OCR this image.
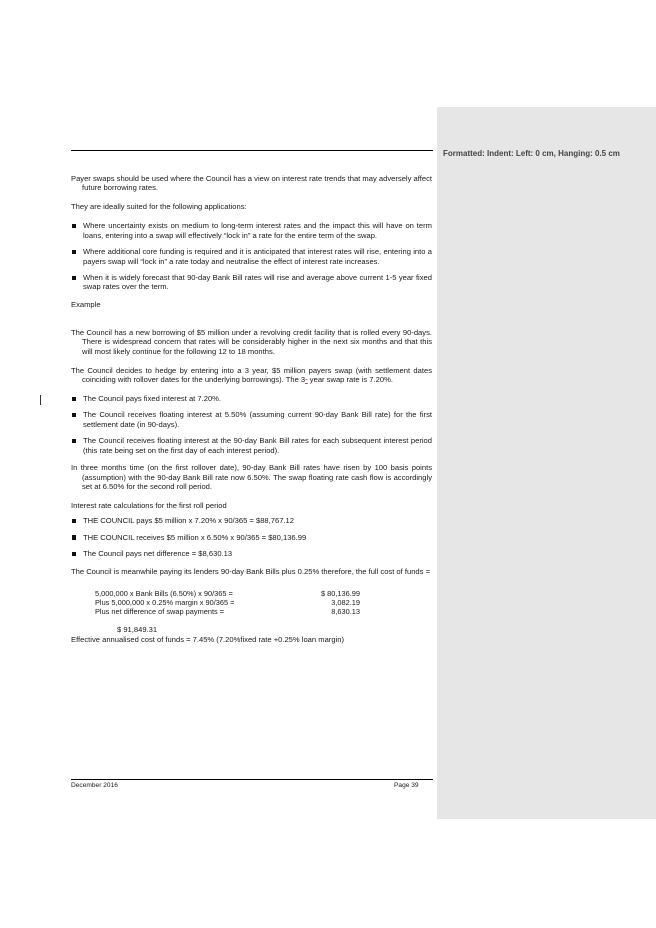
Formatted: Indent: Left: 0 cm, Hanging: 0.5 cm

Payer swaps should be used where the Council has a view on interest rate trends that may adversely affect future borrowing rates.

They are ideally suited for the following applications:

Where uncertainty exists on medium to long-term interest rates and the impact this will have on term loans, entering into a swap will effectively “lock in” a rate for the entire term of the swap.
Where additional core funding is required and it is anticipated that interest rates will rise, entering into a payers swap will “lock in” a rate today and neutralise the effect of interest rate increases.
When it is widely forecast that 90-day Bank Bill rates will rise and average above current 1-5 year fixed swap rates over the term.

Example

The Council has a new borrowing of $5 million under a revolving credit facility that is rolled every 90-days. There is widespread concern that rates will be considerably higher in the next six months and that this will most likely continue for the following 12 to 18 months.

The Council decides to hedge by entering into a 3 year, $5 million payers swap (with settlement dates coinciding with rollover dates for the underlying borrowings). The 3- year swap rate is 7.20%.

The Council pays fixed interest at 7.20%.
The Council receives floating interest at 5.50% (assuming current 90-day Bank Bill rate) for the first settlement date (in 90-days).
The Council receives floating interest at the 90-day Bank Bill rates for each subsequent interest period (this rate being set on the first day of each interest period).

In three months time (on the first rollover date), 90-day Bank Bill rates have risen by 100 basis points (assumption) with the 90-day Bank Bill rate now 6.50%. The swap floating rate cash flow is accordingly set at 6.50% for the second roll period.

Interest rate calculations for the first roll period

THE COUNCIL pays $5 million x 7.20% x 90/365 = $88,767.12
THE COUNCIL receives $5 million x 6.50% x 90/365 = $80,136.99
The Council pays net difference = $8,630.13

The Council is meanwhile paying its lenders 90-day Bank Bills plus 0.25% therefore, the full cost of funds =

5,000,000 x Bank Bills (6.50%) x 90/365 =	$ 80,136.99
Plus 5,000,000 x 0.25% margin x 90/365 =	3,082.19
Plus net difference of swap payments =	8,630.13
$ 91,849.31

Effective annualised cost of funds = 7.45% (7.20%fixed rate +0.25% loan margin)

December 2016	Page 39
